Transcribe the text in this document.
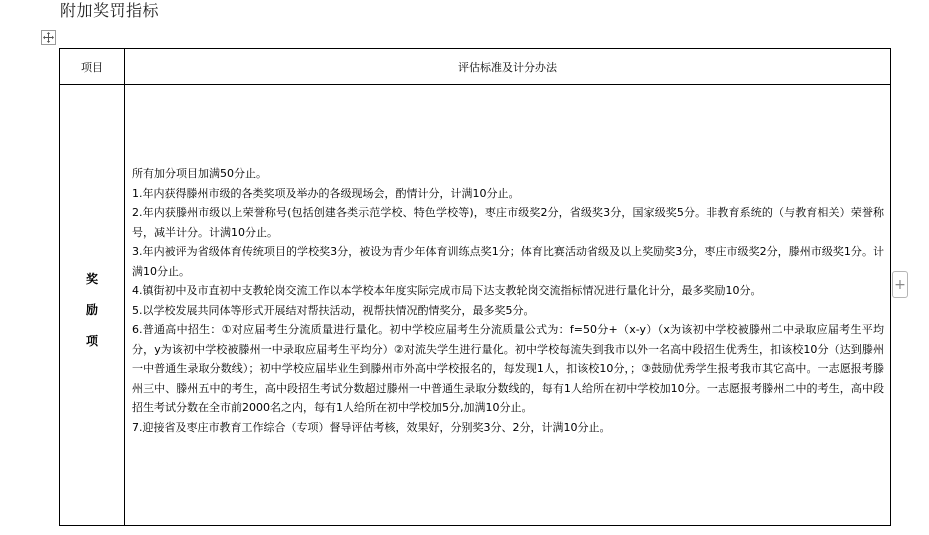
附加奖罚指标
+
项目	评估标准及计分办法
奖
励
项

所有加分项目加满50分止。

1.年内获得滕州市级的各类奖项及举办的各级现场会，酌情计分，计满10分止。

2.年内获滕州市级以上荣誉称号(包括创建各类示范学校、特色学校等)，枣庄市级奖2分，省级奖3分，国家级奖5分。非教育系统的（与教育相关）荣誉称号，减半计分。计满10分止。

3.年内被评为省级体育传统项目的学校奖3分，被设为青少年体育训练点奖1分；体育比赛活动省级及以上奖励奖3分，枣庄市级奖2分，滕州市级奖1分。计满10分止。

4.镇街初中及市直初中支教轮岗交流工作以本学校本年度实际完成市局下达支教轮岗交流指标情况进行量化计分，最多奖励10分。

5.以学校发展共同体等形式开展结对帮扶活动，视帮扶情况酌情奖分，最多奖5分。

6.普通高中招生：①对应届考生分流质量进行量化。初中学校应届考生分流质量公式为：f=50分+（x-y）（x为该初中学校被滕州二中录取应届考生平均分，y为该初中学校被滕州一中录取应届考生平均分）②对流失学生进行量化。初中学校每流失到我市以外一名高中段招生优秀生，扣该校10分（达到滕州一中普通生录取分数线）；初中学校应届毕业生到滕州市外高中学校报名的，每发现1人，扣该校10分，；③鼓励优秀学生报考我市其它高中。一志愿报考滕州三中、滕州五中的考生，高中段招生考试分数超过滕州一中普通生录取分数线的，每有1人给所在初中学校加10分。一志愿报考滕州二中的考生，高中段招生考试分数在全市前2000名之内，每有1人给所在初中学校加5分,加满10分止。

7.迎接省及枣庄市教育工作综合（专项）督导评估考核，效果好，分别奖3分、2分，计满10分止。
